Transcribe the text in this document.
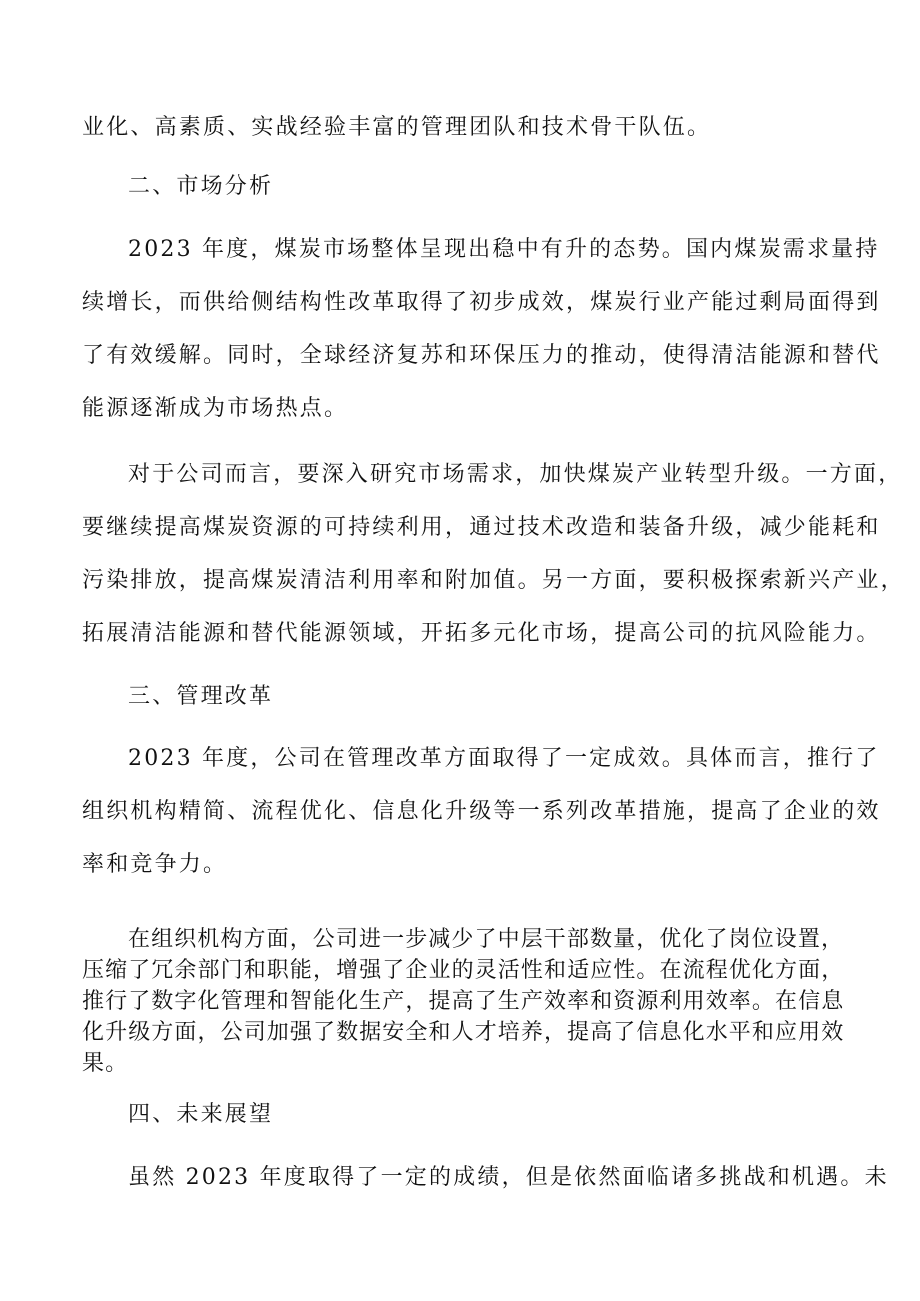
业化、高素质、实战经验丰富的管理团队和技术骨干队伍。
二、市场分析
2023 年度，煤炭市场整体呈现出稳中有升的态势。国内煤炭需求量持
续增长，而供给侧结构性改革取得了初步成效，煤炭行业产能过剩局面得到
了有效缓解。同时，全球经济复苏和环保压力的推动，使得清洁能源和替代
能源逐渐成为市场热点。
对于公司而言，要深入研究市场需求，加快煤炭产业转型升级。一方面，
要继续提高煤炭资源的可持续利用，通过技术改造和装备升级，减少能耗和
污染排放，提高煤炭清洁利用率和附加值。另一方面，要积极探索新兴产业，
拓展清洁能源和替代能源领域，开拓多元化市场，提高公司的抗风险能力。
三、管理改革
2023 年度，公司在管理改革方面取得了一定成效。具体而言，推行了
组织机构精简、流程优化、信息化升级等一系列改革措施，提高了企业的效
率和竞争力。

在组织机构方面，公司进一步减少了中层干部数量，优化了岗位设置，

压缩了冗余部门和职能，增强了企业的灵活性和适应性。在流程优化方面，

推行了数字化管理和智能化生产，提高了生产效率和资源利用效率。在信息

化升级方面，公司加强了数据安全和人才培养，提高了信息化水平和应用效

果。

四、未来展望
虽然 2023 年度取得了一定的成绩，但是依然面临诸多挑战和机遇。未
